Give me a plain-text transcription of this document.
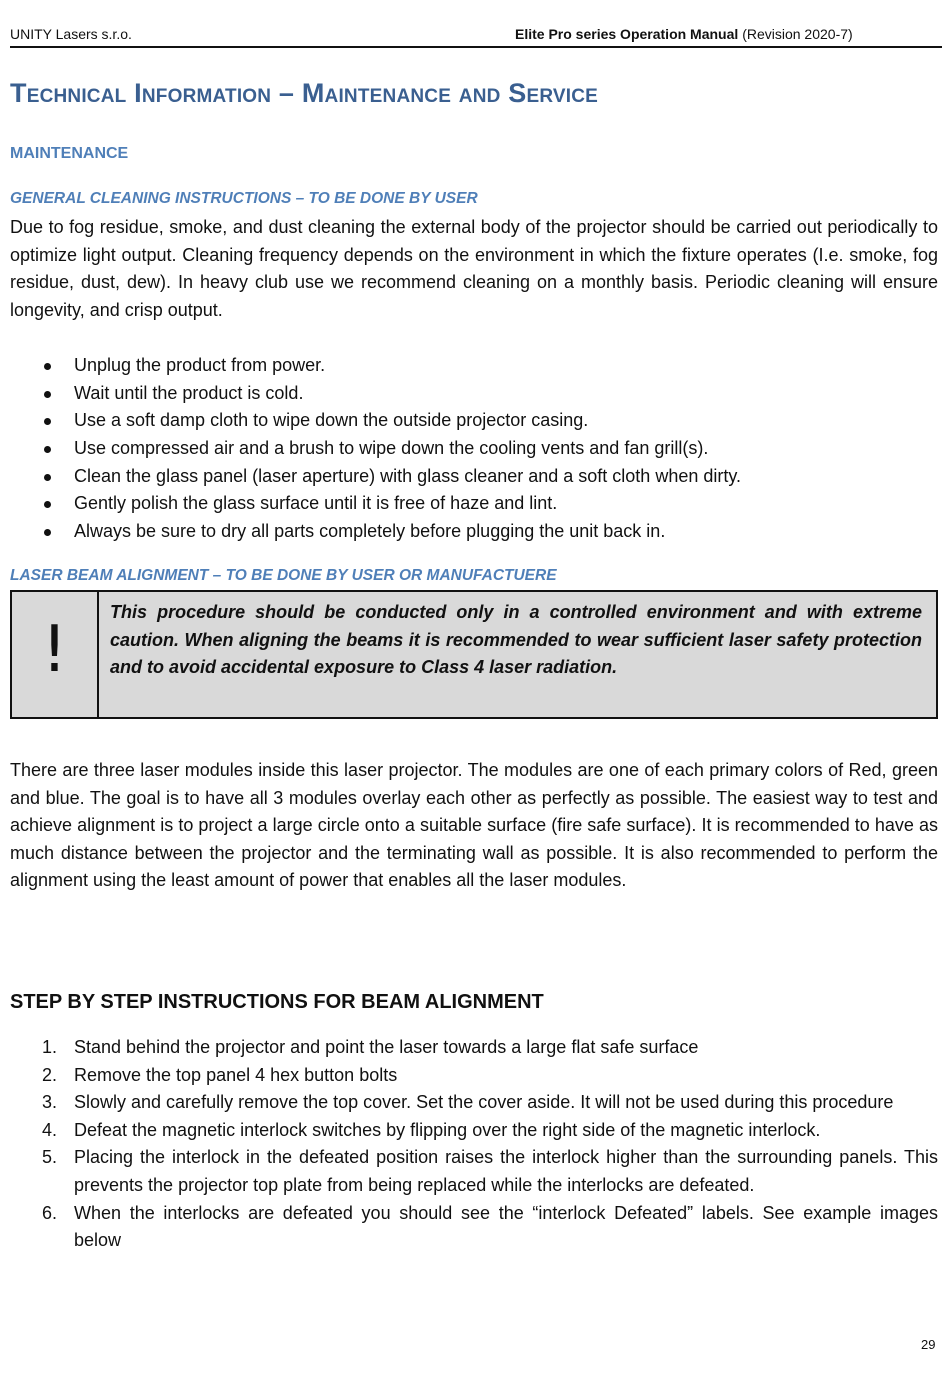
UNITY Lasers s.r.o.	Elite Pro series Operation Manual (Revision 2020-7)
Technical Information – Maintenance and Service
MAINTENANCE
GENERAL CLEANING INSTRUCTIONS – TO BE DONE BY USER
Due to fog residue, smoke, and dust cleaning the external body of the projector should be carried out periodically to optimize light output. Cleaning frequency depends on the environment in which the fixture operates (I.e. smoke, fog residue, dust, dew). In heavy club use we recommend cleaning on a monthly basis. Periodic cleaning will ensure longevity, and crisp output.
Unplug the product from power.
Wait until the product is cold.
Use a soft damp cloth to wipe down the outside projector casing.
Use compressed air and a brush to wipe down the cooling vents and fan grill(s).
Clean the glass panel (laser aperture) with glass cleaner and a soft cloth when dirty.
Gently polish the glass surface until it is free of haze and lint.
Always be sure to dry all parts completely before plugging the unit back in.
LASER BEAM ALIGNMENT – TO BE DONE BY USER OR MANUFACTUERE
!
This procedure should be conducted only in a controlled environment and with extreme caution. When aligning the beams it is recommended to wear sufficient laser safety protection and to avoid accidental exposure to Class 4 laser radiation.
There are three laser modules inside this laser projector. The modules are one of each primary colors of Red, green and blue. The goal is to have all 3 modules overlay each other as perfectly as possible. The easiest way to test and achieve alignment is to project a large circle onto a suitable surface (fire safe surface). It is recommended to have as much distance between the projector and the terminating wall as possible. It is also recommended to perform the alignment using the least amount of power that enables all the laser modules.
STEP BY STEP INSTRUCTIONS FOR BEAM ALIGNMENT
1. Stand behind the projector and point the laser towards a large flat safe surface
2. Remove the top panel 4 hex button bolts
3. Slowly and carefully remove the top cover. Set the cover aside. It will not be used during this procedure
4. Defeat the magnetic interlock switches by flipping over the right side of the magnetic interlock.
5. Placing the interlock in the defeated position raises the interlock higher than the surrounding panels. This prevents the projector top plate from being replaced while the interlocks are defeated.
6. When the interlocks are defeated you should see the “interlock Defeated” labels. See example images below
29
